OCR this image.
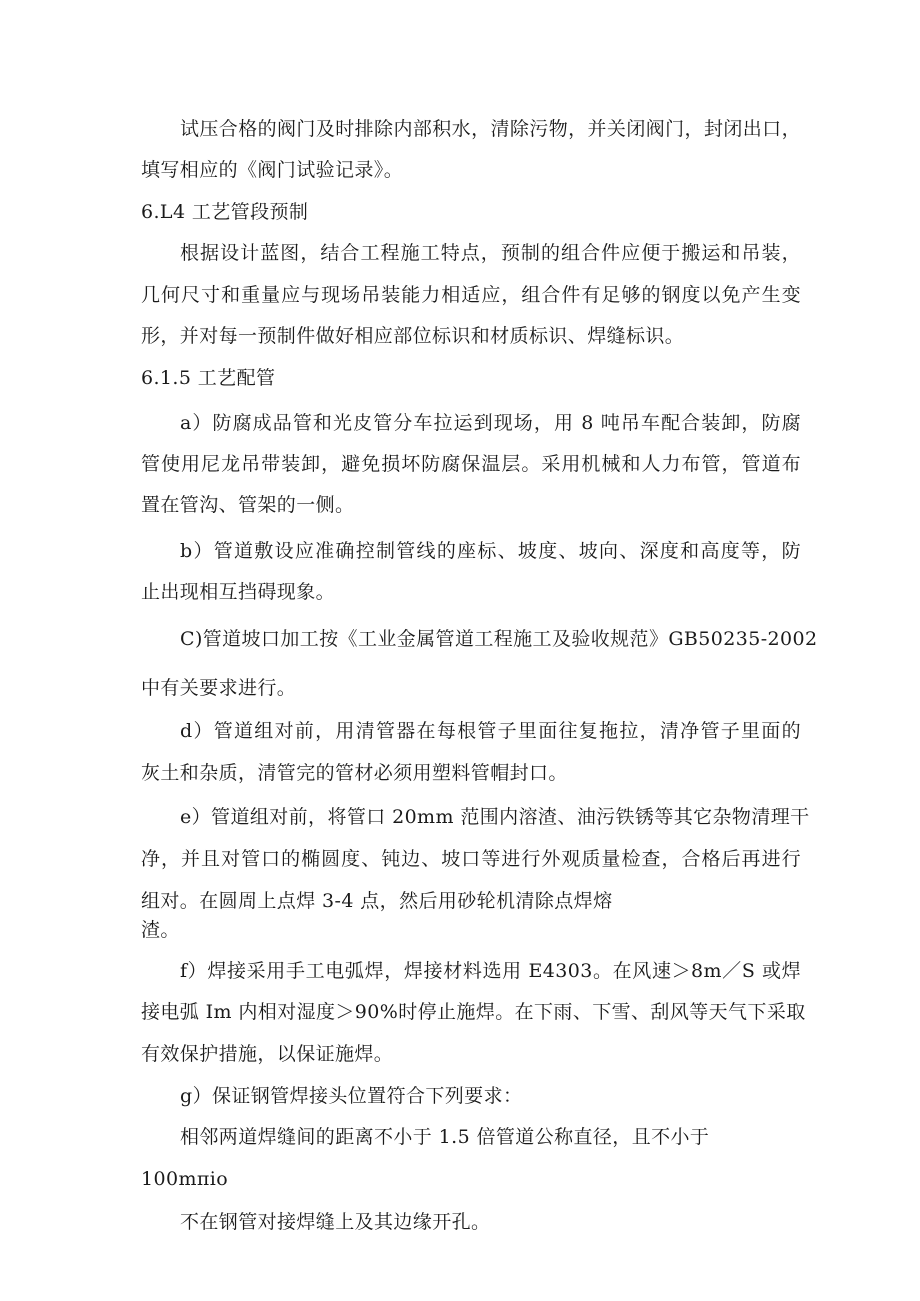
试压合格的阀门及时排除内部积水，清除污物，并关闭阀门，封闭出口，
填写相应的《阀门试验记录》。
6.L4 工艺管段预制
根据设计蓝图，结合工程施工特点，预制的组合件应便于搬运和吊装，
几何尺寸和重量应与现场吊装能力相适应，组合件有足够的钢度以免产生变
形，并对每一预制件做好相应部位标识和材质标识、焊缝标识。
6.1.5 工艺配管
a）防腐成品管和光皮管分车拉运到现场，用 8 吨吊车配合装卸，防腐
管使用尼龙吊带装卸，避免损坏防腐保温层。采用机械和人力布管，管道布
置在管沟、管架的一侧。
b）管道敷设应准确控制管线的座标、坡度、坡向、深度和高度等，防
止出现相互挡碍现象。
C)管道坡口加工按《工业金属管道工程施工及验收规范》GB50235-2002
中有关要求进行。
d）管道组对前，用清管器在每根管子里面往复拖拉，清净管子里面的
灰土和杂质，清管完的管材必须用塑料管帽封口。
e）管道组对前，将管口 20mm 范围内溶渣、油污铁锈等其它杂物清理干
净，并且对管口的椭圆度、钝边、坡口等进行外观质量检查，合格后再进行
组对。在圆周上点焊 3-4 点，然后用砂轮机清除点焊熔
渣。
f）焊接采用手工电弧焊，焊接材料选用 E4303。在风速＞8m／S 或焊
接电弧 Im 内相对湿度＞90%时停止施焊。在下雨、下雪、刮风等天气下采取
有效保护措施，以保证施焊。
g）保证钢管焊接头位置符合下列要求：
相邻两道焊缝间的距离不小于 1.5 倍管道公称直径，且不小于
100mπio
不在钢管对接焊缝上及其边缘开孔。
